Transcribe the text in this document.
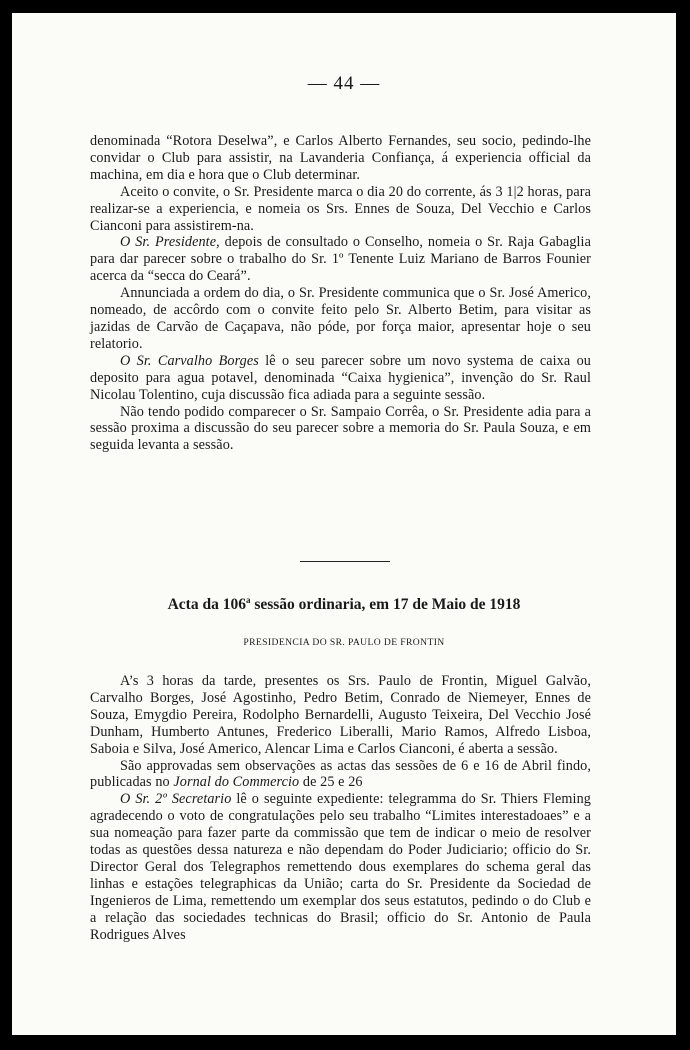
— 44 —

denominada “Rotora Deselwa”, e Carlos Alberto Fernandes, seu socio, pedindo-lhe convidar o Club para assistir, na Lavanderia Confiança, á experiencia official da machina, em dia e hora que o Club determinar.

Aceito o convite, o Sr. Presidente marca o dia 20 do corrente, ás 3 1|2 horas, para realizar-se a experiencia, e nomeia os Srs. Ennes de Souza, Del Vecchio e Carlos Cianconi para assistirem-na.

O Sr. Presidente, depois de consultado o Conselho, nomeia o Sr. Raja Gabaglia para dar parecer sobre o trabalho do Sr. 1º Tenente Luiz Mariano de Barros Founier acerca da “secca do Ceará”.

Annunciada a ordem do dia, o Sr. Presidente communica que o Sr. José Americo, nomeado, de accôrdo com o convite feito pelo Sr. Alberto Betim, para visitar as jazidas de Carvão de Caçapava, não póde, por força maior, apresentar hoje o seu relatorio.

O Sr. Carvalho Borges lê o seu parecer sobre um novo systema de caixa ou deposito para agua potavel, denominada “Caixa hygienica”, invenção do Sr. Raul Nicolau Tolentino, cuja discussão fica adiada para a seguinte sessão.

Não tendo podido comparecer o Sr. Sampaio Corrêa, o Sr. Presidente adia para a sessão proxima a discussão do seu parecer sobre a memoria do Sr. Paula Souza, e em seguida levanta a sessão.

Acta da 106$^a$ sessão ordinaria, em 17 de Maio de 1918
PRESIDENCIA DO SR. PAULO DE FRONTIN

A’s 3 horas da tarde, presentes os Srs. Paulo de Frontin, Miguel Galvão, Carvalho Borges, José Agostinho, Pedro Betim, Conrado de Niemeyer, Ennes de Souza, Emygdio Pereira, Rodolpho Bernardelli, Augusto Teixeira, Del Vecchio José Dunham, Humberto Antunes, Frederico Liberalli, Mario Ramos, Alfredo Lisboa, Saboia e Silva, José Americo, Alencar Lima e Carlos Cianconi, é aberta a sessão.

São approvadas sem observações as actas das sessões de 6 e 16 de Abril findo, publicadas no Jornal do Commercio de 25 e 26

O Sr. 2º Secretario lê o seguinte expediente: telegramma do Sr. Thiers Fleming agradecendo o voto de congratulações pelo seu trabalho “Limites interestadoaes” e a sua nomeação para fazer parte da commissão que tem de indicar o meio de resolver todas as questões dessa natureza e não dependam do Poder Judiciario; officio do Sr. Director Geral dos Telegraphos remettendo dous exemplares do schema geral das linhas e estações telegraphicas da União; carta do Sr. Presidente da Sociedad de Ingenieros de Lima, remettendo um exemplar dos seus estatutos, pedindo o do Club e a relação das sociedades technicas do Brasil; officio do Sr. Antonio de Paula Rodrigues Alves
